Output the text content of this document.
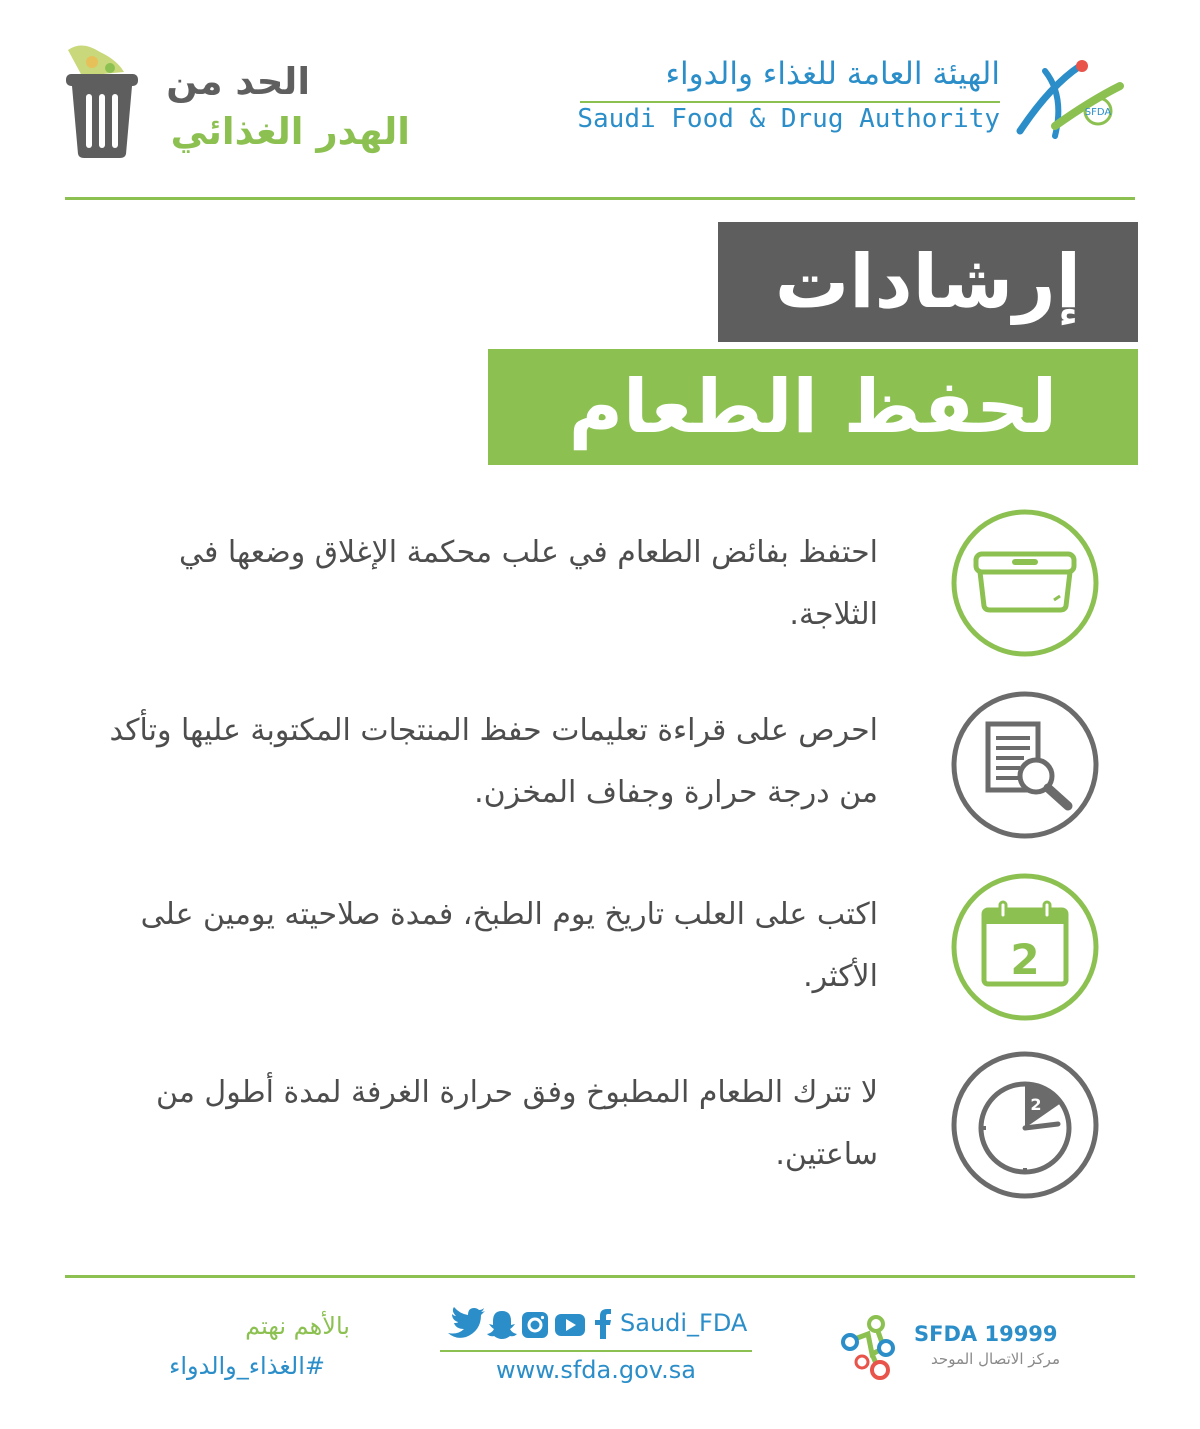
الهيئة العامة للغذاء والدواء
Saudi Food & Drug Authority	SFDA
الحد من
الهدر الغذائي
إرشادات
لحفظ الطعام
احتفظ بفائض الطعام في علب محكمة الإغلاق وضعها في الثلاجة.
احرص على قراءة تعليمات حفظ المنتجات المكتوبة عليها وتأكد من درجة حرارة وجفاف المخزن.
اكتب على العلب تاريخ يوم الطبخ، فمدة صلاحيته يومين على الأكثر.	2
لا تترك الطعام المطبوخ وفق حرارة الغرفة لمدة أطول من ساعتين.
2
Saudi_FDA
www.sfda.gov.sa
بالأهم نهتم
#الغذاء_والدواء
SFDA 19999
مركز الاتصال الموحد
